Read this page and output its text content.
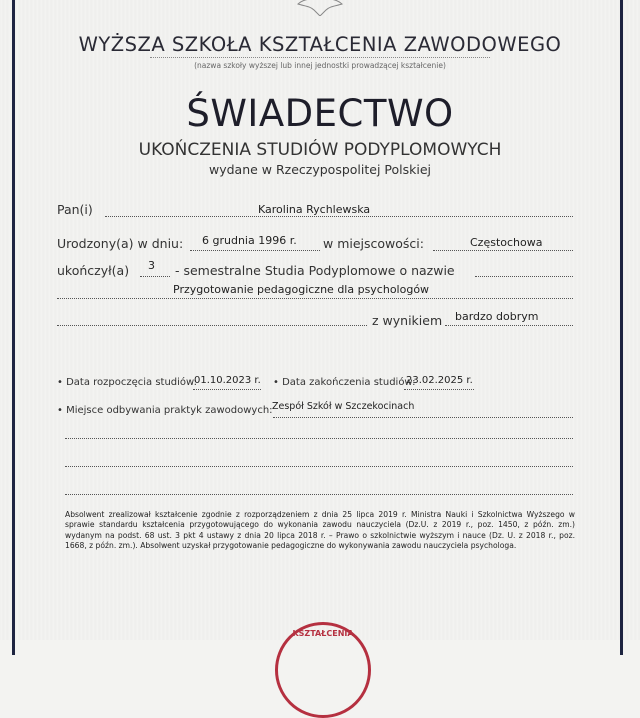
WYŻSZA SZKOŁA KSZTAŁCENIA ZAWODOWEGO
(nazwa szkoły wyższej lub innej jednostki prowadzącej kształcenie)
ŚWIADECTWO
UKOŃCZENIA STUDIÓW PODYPLOMOWYCH
wydane w Rzeczypospolitej Polskiej
Pan(i)	Karolina Rychlewska
Urodzony(a) w dniu: 6 grudnia 1996 r. w miejscowości:	Częstochowa
ukończył(a) 3 - semestralne Studia Podyplomowe o nazwie
Przygotowanie pedagogiczne dla psychologów
z wynikiem bardzo dobrym
• Data rozpoczęcia studiów:
01.10.2023 r. • Data zakończenia studiów:
23.02.2025 r.
• Miejsce odbywania praktyk zawodowych: Zespół Szkół w Szczekocinach
Absolwent zrealizował kształcenie zgodnie z rozporządzeniem z dnia 25 lipca 2019 r. Ministra Nauki i Szkolnictwa Wyższego w sprawie standardu kształcenia przygotowującego do wykonania zawodu nauczyciela (Dz.U. z 2019 r., poz. 1450, z późn. zm.) wydanym na podst. 68 ust. 3 pkt 4 ustawy z dnia 20 lipca 2018 r. – Prawo o szkolnictwie wyższym i nauce (Dz. U. z 2018 r., poz. 1668, z późn. zm.). Absolwent uzyskał przygotowanie pedagogiczne do wykonywania zawodu nauczyciela psychologa.
KSZTAŁCENIA
